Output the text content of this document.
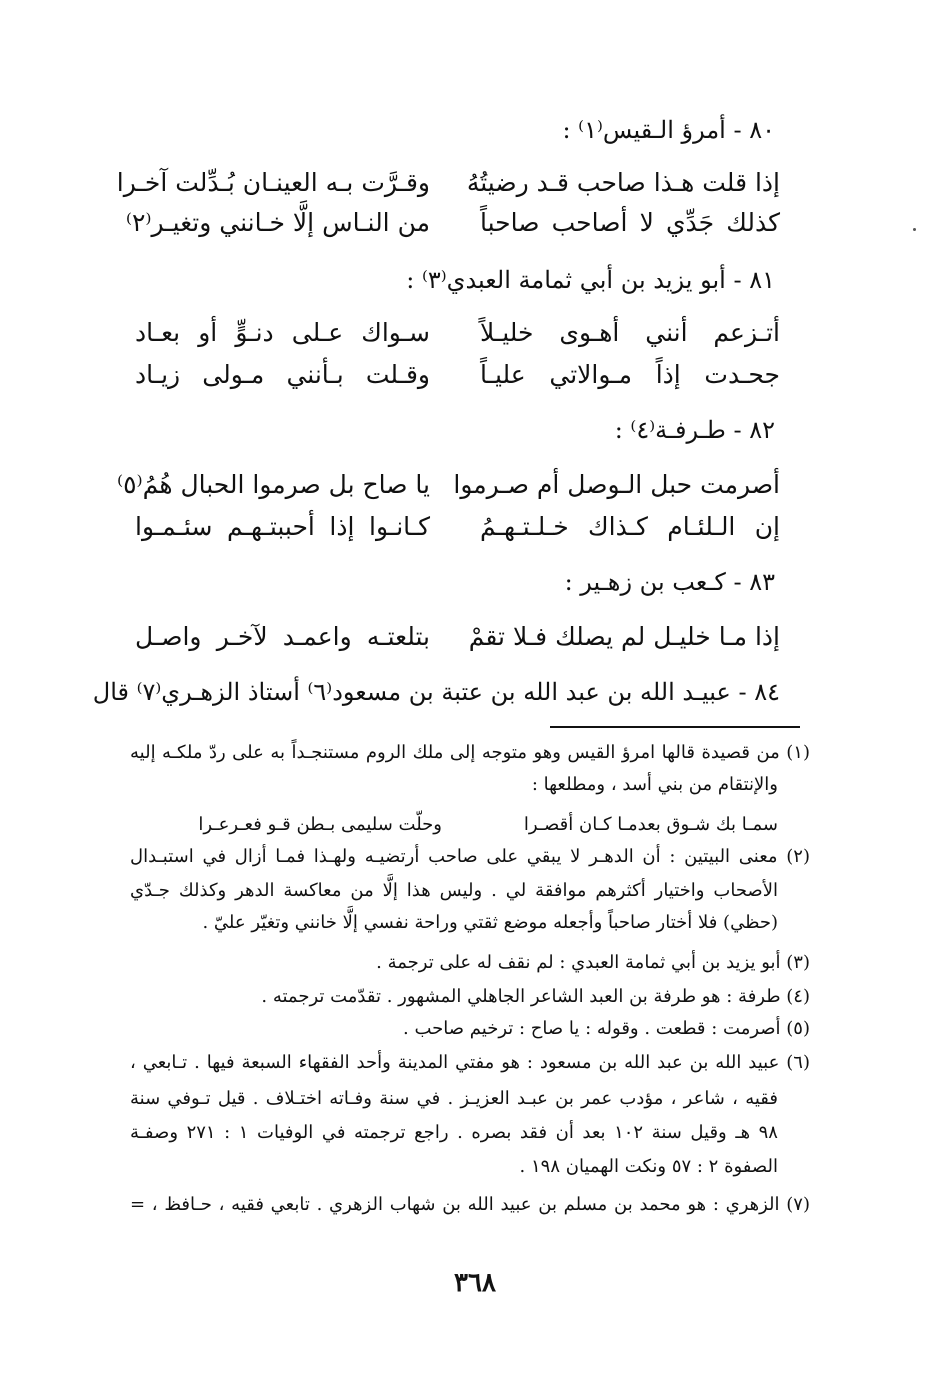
٨٠ - أمرؤ الـقيس⁽١⁾ :
إذا قلت هـذا صاحب قـد رضيتُهُ
وقـرَّت بـه العينـان بُـدِّلت آخـرا
كذلك جَدِّي لا أصاحب صاحباً
من النـاس إلَّا خـانني وتغيـر⁽٢⁾
٨١ - أبو يزيد بن أبي ثمامة العبدي⁽٣⁾ :
أتـزعم أنني أهـوى خليـلاً
سـواك عـلى دنـوٍّ أو بعـاد
جحـدت إذاً مـوالاتي عليـاً
وقـلت بـأنني مـولى زيـاد
٨٢ - طـرفـة⁽٤⁾ :
أصرمت حبل الـوصل أم صـرموا
يا صاح بل صرموا الحبال هُمُ⁽٥⁾
إن الـلئـام كـذاك خـلـتـهـمُ
كـانـوا إذا أحببتـهـم سئـمـوا
٨٣ - كـعب بن زهـير :
إذا مـا خليـل لم يصلك فـلا تقمْ
بتلعتـه واعمـد لآخـر واصـل
٨٤ - عبيـد الله بن عبد الله بن عتبة بن مسعود⁽٦⁾ أستاذ الزهـري⁽٧⁾ قال
(١) من قصيدة قالها امرؤ القيس وهو متوجه إلى ملك الروم مستنجـداً به على ردّ ملكـه إليه
والإنتقام من بني أسد ، ومطلعها :
سمـا بك شـوق بعدمـا كـان أقصـرا
وحلّت سليمى بـطن قـو فعـرعـرا
(٢) معنى البيتين : أن الدهـر لا يبقي على صاحب أرتضيـه ولهـذا فمـا أزال في استبـدال
الأصحاب واختيار أكثرهم موافقة لي . وليس هذا إلَّا من معاكسة الدهر وكذلك جـدّي
(حظي) فلا أختار صاحباً وأجعله موضع ثقتي وراحة نفسي إلَّا خانني وتغيّر عليّ .
(٣) أبو يزيد بن أبي ثمامة العبدي : لم نقف له على ترجمة .
(٤) طرفة : هو طرفة بن العبد الشاعر الجاهلي المشهور . تقدّمت ترجمته .
(٥) أصرمت : قطعت . وقوله : يا صاح : ترخيم صاحب .
(٦) عبيد الله بن عبد الله بن مسعود : هو مفتي المدينة وأحد الفقهاء السبعة فيها . تـابعي ،
فقيه ، شاعر ، مؤدب عمر بن عبـد العزيـز . في سنة وفـاته اختـلاف . قيل تـوفي سنة
٩٨ هـ وقيل سنة ١٠٢ بعد أن فقد بصره . راجع ترجمته في الوفيات ١ : ٢٧١ وصفـة
الصفوة ٢ : ٥٧ ونكت الهميان ١٩٨ .
(٧) الزهري : هو محمد بن مسلم بن عبيد الله بن شهاب الزهري . تابعي فقيه ، حـافظ ، =
٣٦٨
